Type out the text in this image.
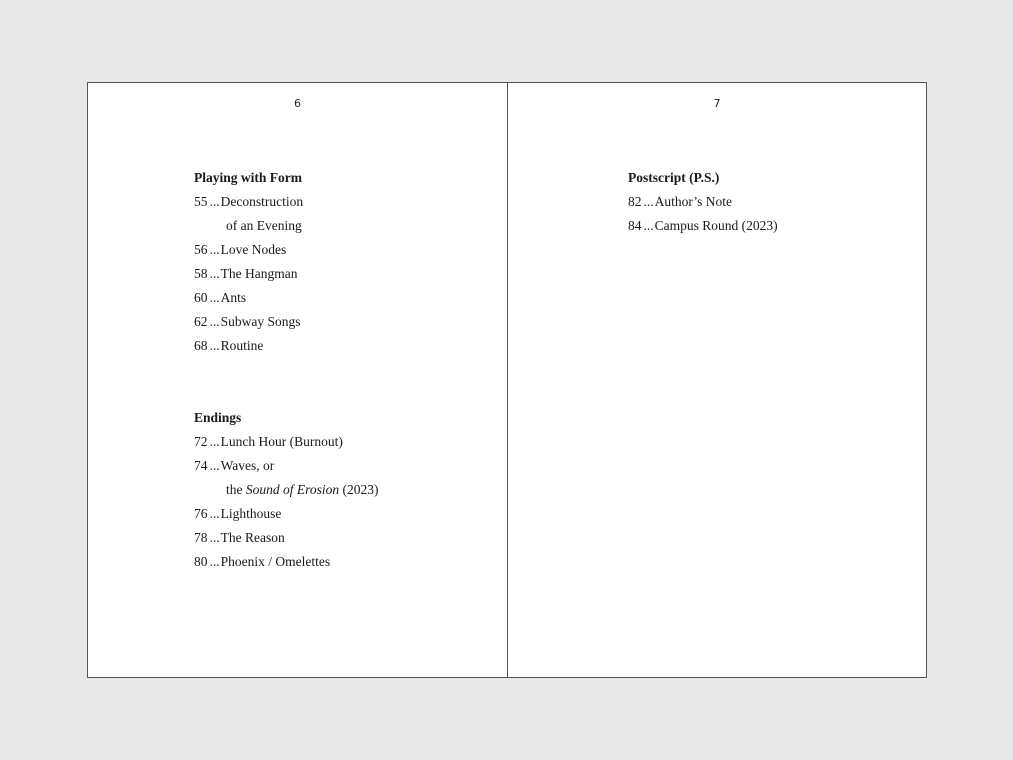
6
Playing with Form
55 ...Deconstruction
of an Evening
56 ...Love Nodes
58 ...The Hangman
60 ...Ants
62 ...Subway Songs
68 ...Routine
Endings
72 ...Lunch Hour (Burnout)
74 ...Waves, or
the Sound of Erosion (2023)
76 ...Lighthouse
78 ...The Reason
80 ...Phoenix / Omelettes
7
Postscript (P.S.)
82 ...Author’s Note
84 ...Campus Round (2023)
